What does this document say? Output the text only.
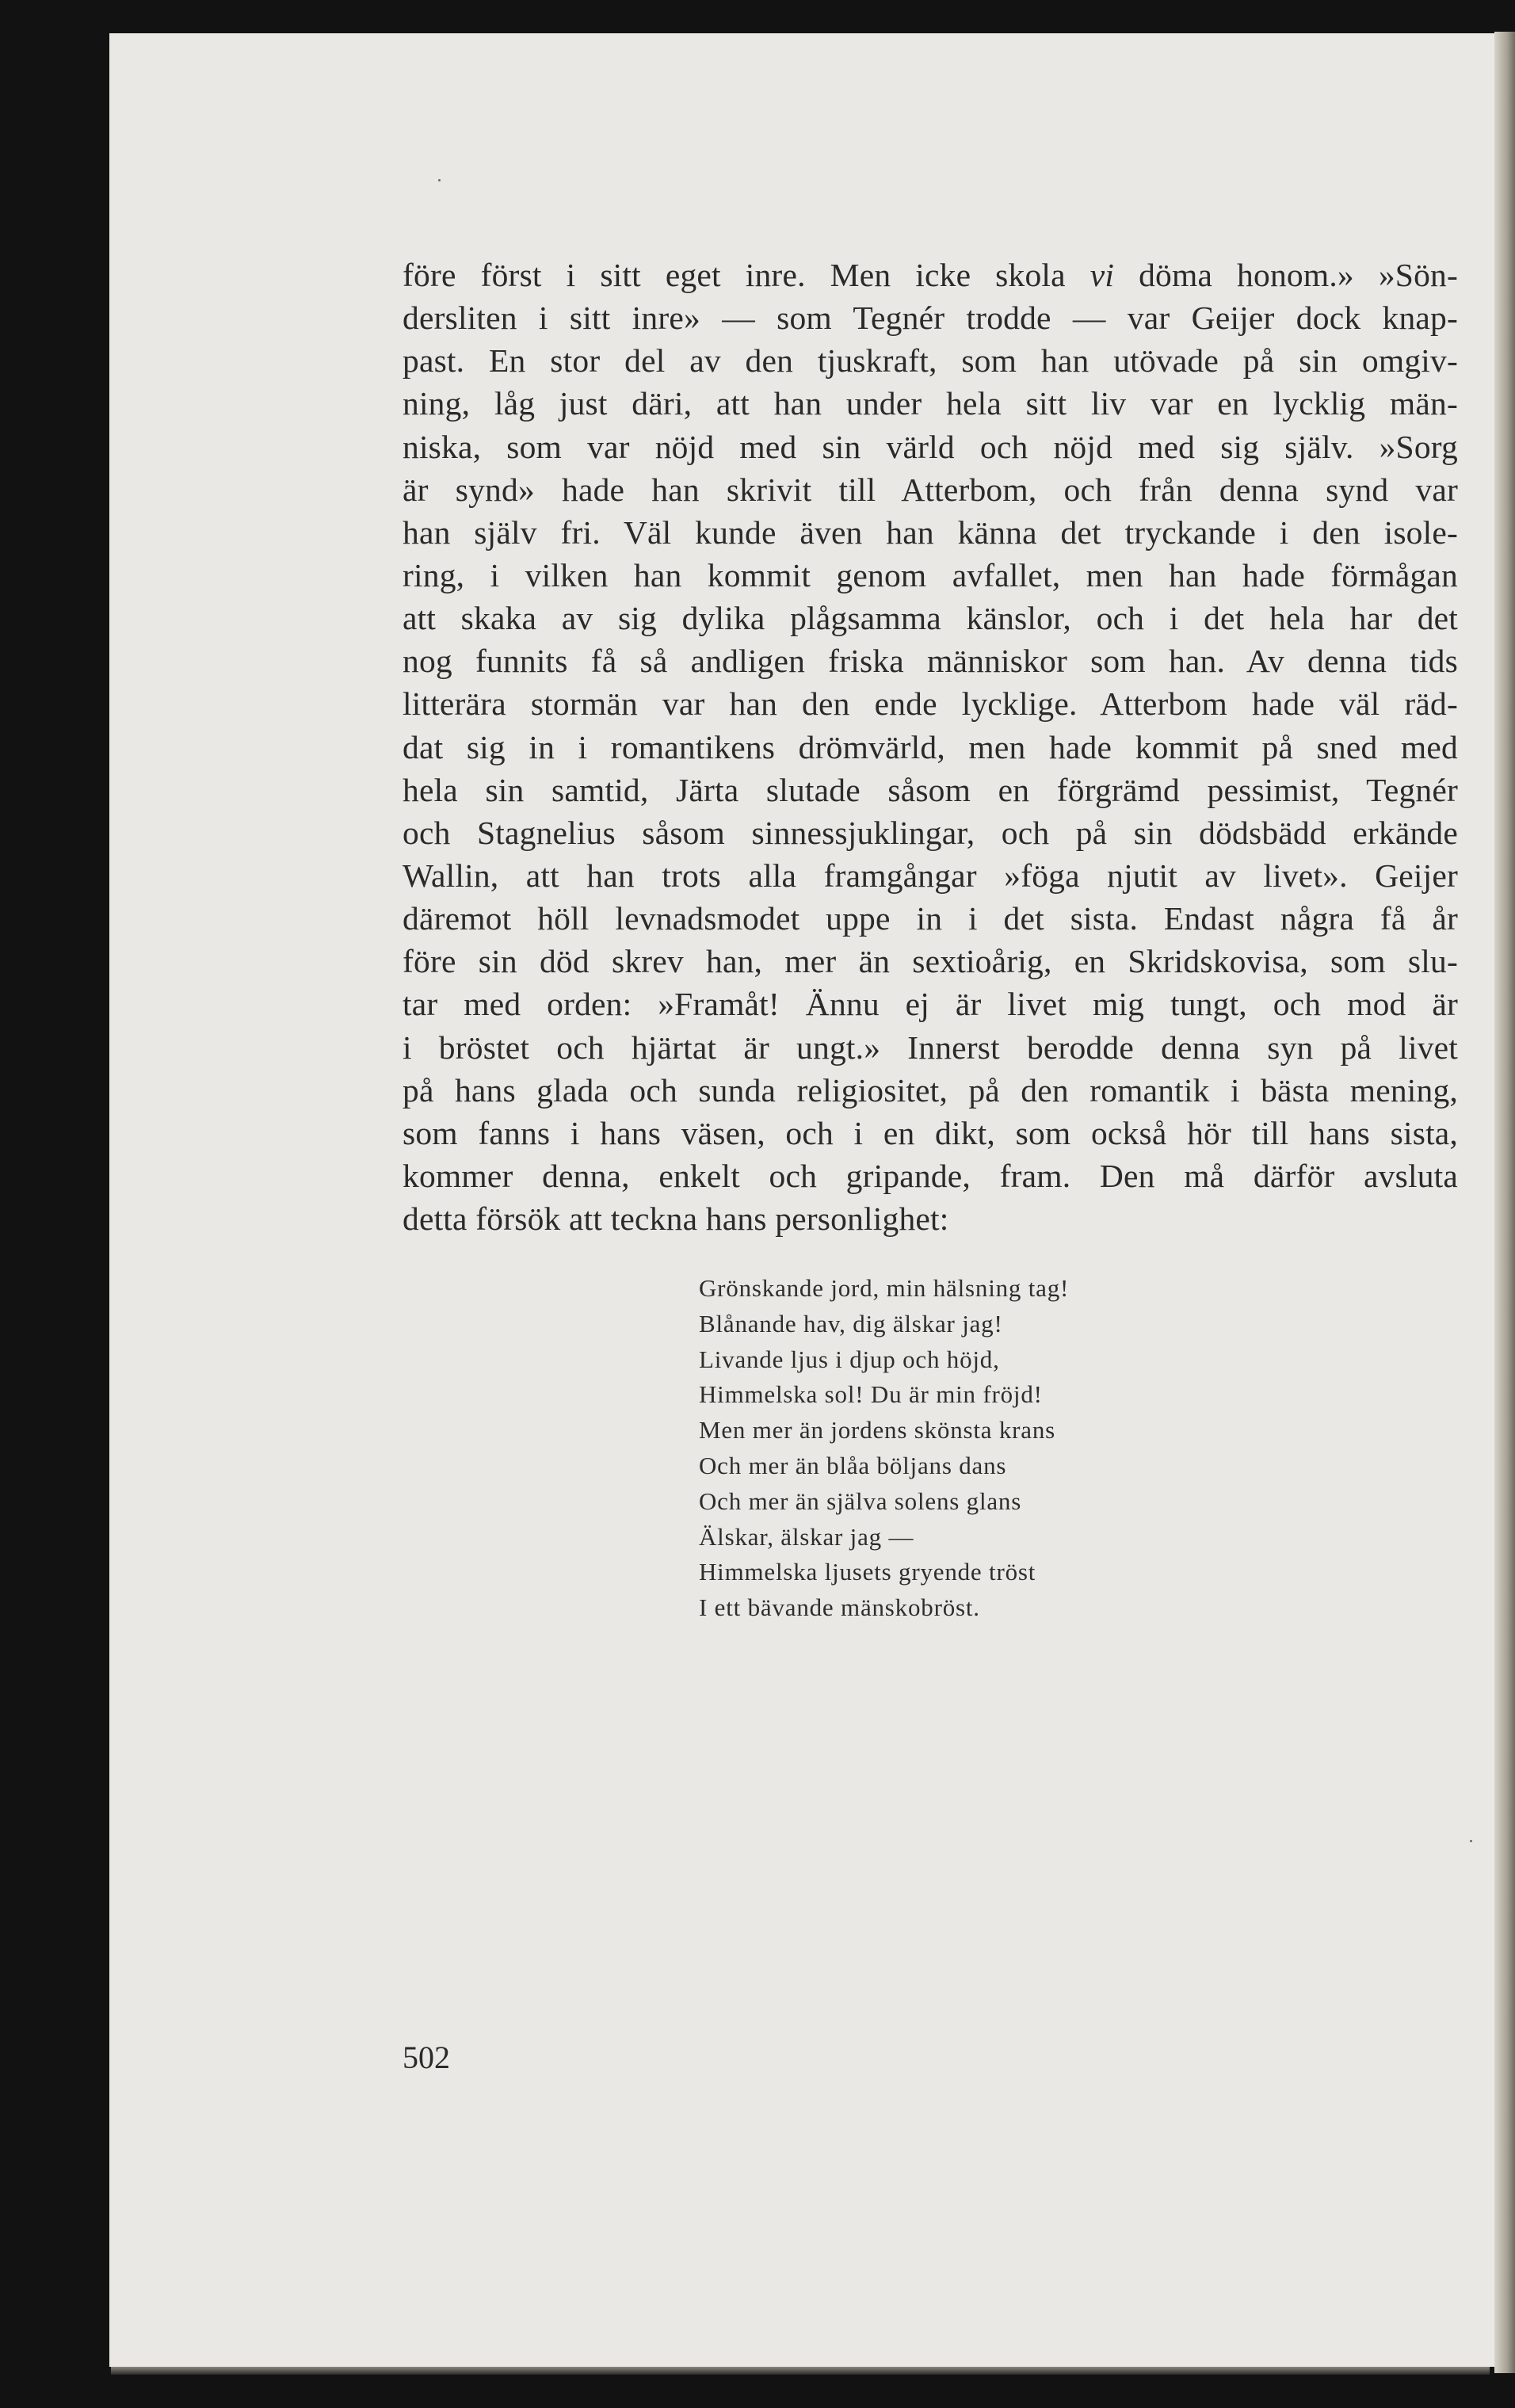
före först i sitt eget inre. Men icke skola vi döma honom.» »Sön-
dersliten i sitt inre» — som Tegnér trodde — var Geijer dock knap-
past. En stor del av den tjuskraft, som han utövade på sin omgiv-
ning, låg just däri, att han under hela sitt liv var en lycklig män-
niska, som var nöjd med sin värld och nöjd med sig själv. »Sorg
är synd» hade han skrivit till Atterbom, och från denna synd var
han själv fri. Väl kunde även han känna det tryckande i den isole-
ring, i vilken han kommit genom avfallet, men han hade förmågan
att skaka av sig dylika plågsamma känslor, och i det hela har det
nog funnits få så andligen friska människor som han. Av denna tids
litterära stormän var han den ende lycklige. Atterbom hade väl räd-
dat sig in i romantikens drömvärld, men hade kommit på sned med
hela sin samtid, Järta slutade såsom en förgrämd pessimist, Tegnér
och Stagnelius såsom sinnessjuklingar, och på sin dödsbädd erkände
Wallin, att han trots alla framgångar »föga njutit av livet». Geijer
däremot höll levnadsmodet uppe in i det sista. Endast några få år
före sin död skrev han, mer än sextioårig, en Skridskovisa, som slu-
tar med orden: »Framåt! Ännu ej är livet mig tungt, och mod är
i bröstet och hjärtat är ungt.» Innerst berodde denna syn på livet
på hans glada och sunda religiositet, på den romantik i bästa mening,
som fanns i hans väsen, och i en dikt, som också hör till hans sista,
kommer denna, enkelt och gripande, fram. Den må därför avsluta
detta försök att teckna hans personlighet:
Grönskande jord, min hälsning tag!
Blånande hav, dig älskar jag!
Livande ljus i djup och höjd,
Himmelska sol! Du är min fröjd!
Men mer än jordens skönsta krans
Och mer än blåa böljans dans
Och mer än själva solens glans
Älskar, älskar jag —
Himmelska ljusets gryende tröst
I ett bävande mänskobröst.

502
